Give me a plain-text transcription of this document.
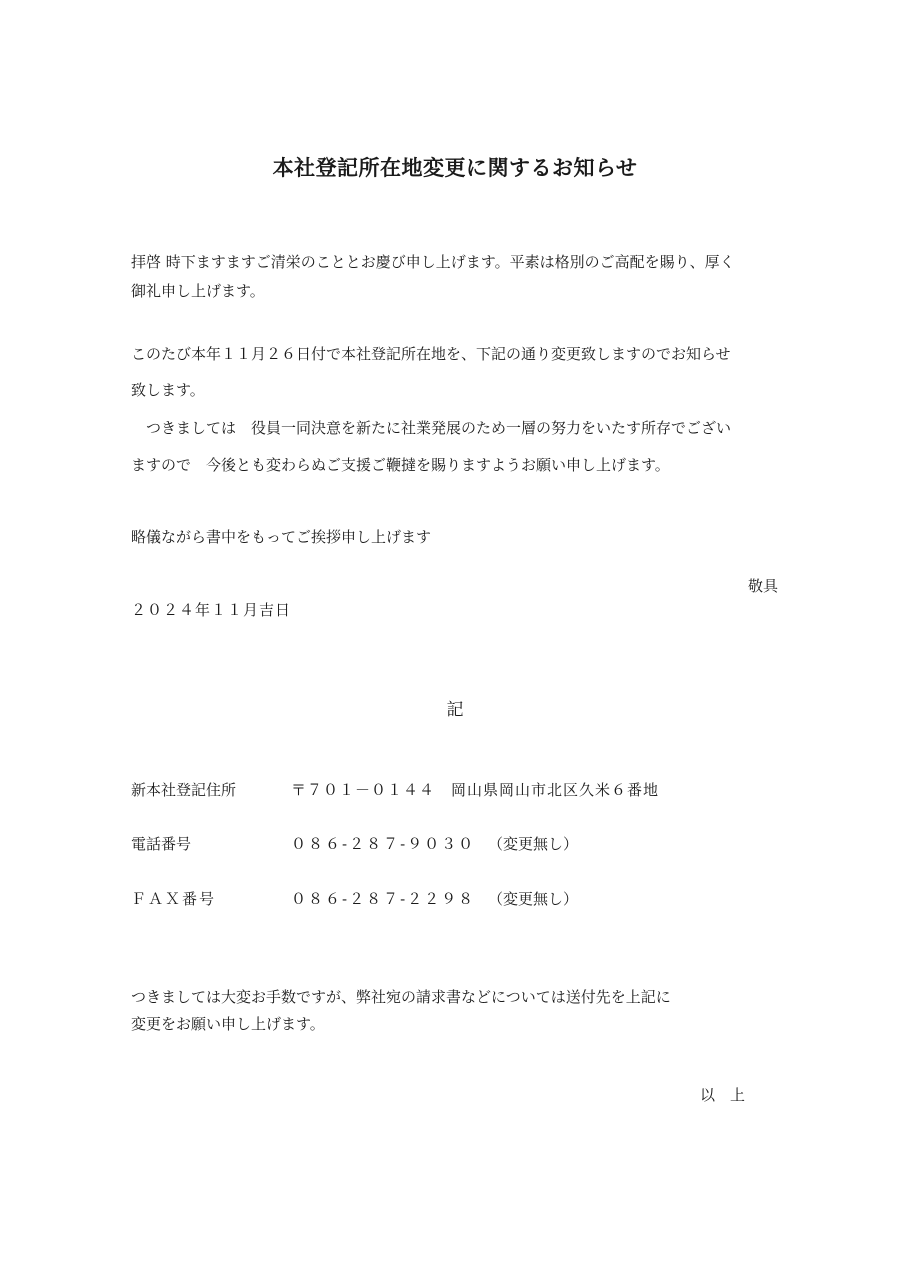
本社登記所在地変更に関するお知らせ
拝啓 時下ますますご清栄のこととお慶び申し上げます。平素は格別のご高配を賜り、厚く
御礼申し上げます。
このたび本年１１月２６日付で本社登記所在地を、下記の通り変更致しますのでお知らせ
致します。
　つきましては　役員一同決意を新たに社業発展のため一層の努力をいたす所存でござい
ますので　今後とも変わらぬご支援ご鞭撻を賜りますようお願い申し上げます。
略儀ながら書中をもってご挨拶申し上げます
敬具
２０２４年１１月吉日
記
新本社登記住所	〒７０１－０１４４　岡山県岡山市北区久米６番地
電話番号	０８６-２８７-９０３０ （変更無し）
ＦＡＸ番号	０８６-２８７-２２９８ （変更無し）
つきましては大変お手数ですが、弊社宛の請求書などについては送付先を上記に
変更をお願い申し上げます。
以　上
